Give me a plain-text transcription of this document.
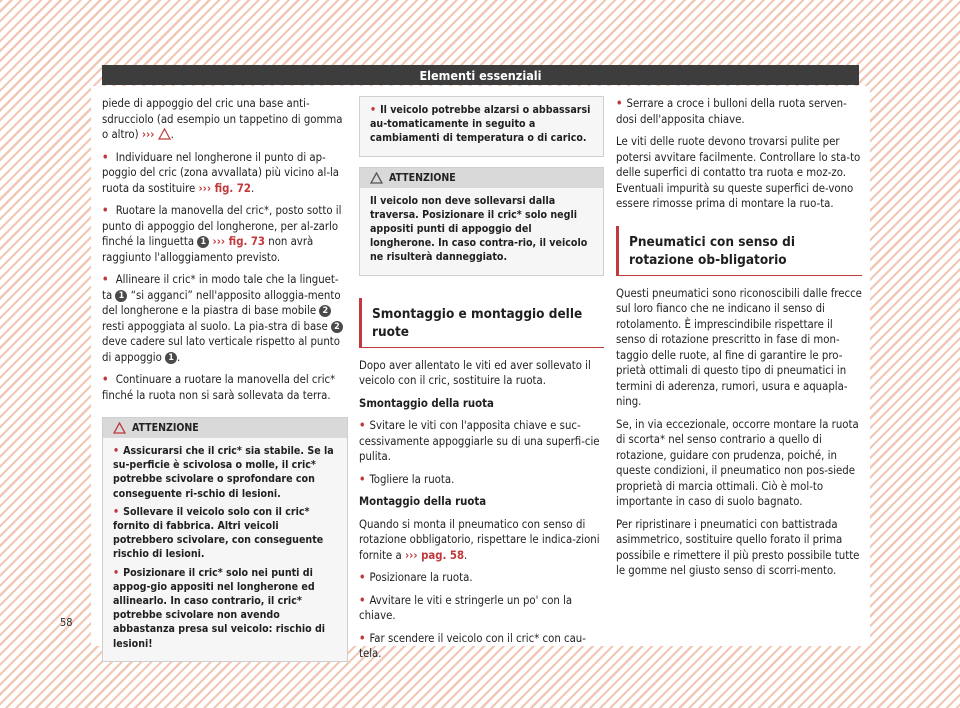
Elementi essenziali

piede di appoggio del cric una base anti-sdrucciolo (ad esempio un tappetino di gomma o altro) ››› .

• Individuare nel longherone il punto di ap-poggio del cric (zona avvallata) più vicino al-la ruota da sostituire ››› fig. 72.

• Ruotare la manovella del cric*, posto sotto il punto di appoggio del longherone, per al-zarlo finché la linguetta 1 ››› fig. 73 non avrà raggiunto l'alloggiamento previsto.

• Allineare il cric* in modo tale che la linguet-ta 1 “si agganci” nell'apposito alloggia-mento del longherone e la piastra di base mobile 2 resti appoggiata al suolo. La pia-stra di base 2 deve cadere sul lato verticale rispetto al punto di appoggio 1 .

• Continuare a ruotare la manovella del cric* finché la ruota non si sarà sollevata da terra.

ATTENZIONE

• Assicurarsi che il cric* sia stabile. Se la su-perficie è scivolosa o molle, il cric* potrebbe scivolare o sprofondare con conseguente ri-schio di lesioni.

• Sollevare il veicolo solo con il cric* fornito di fabbrica. Altri veicoli potrebbero scivolare, con conseguente rischio di lesioni.

• Posizionare il cric* solo nei punti di appog-gio appositi nel longherone ed allinearlo. In caso contrario, il cric* potrebbe scivolare non avendo abbastanza presa sul veicolo: rischio di lesioni!

• Il veicolo potrebbe alzarsi o abbassarsi au-tomaticamente in seguito a cambiamenti di temperatura o di carico.

ATTENZIONE

Il veicolo non deve sollevarsi dalla traversa. Posizionare il cric* solo negli appositi punti di appoggio del longherone. In caso contra-rio, il veicolo ne risulterà danneggiato.

Smontaggio e montaggio delle ruote

Dopo aver allentato le viti ed aver sollevato il veicolo con il cric, sostituire la ruota.

Smontaggio della ruota

• Svitare le viti con l'apposita chiave e suc-cessivamente appoggiarle su di una superfi-cie pulita.

• Togliere la ruota.

Montaggio della ruota

Quando si monta il pneumatico con senso di rotazione obbligatorio, rispettare le indica-zioni fornite a ››› pag. 58.

• Posizionare la ruota.

• Avvitare le viti e stringerle un po' con la chiave.

• Far scendere il veicolo con il cric* con cau-tela.

• Serrare a croce i bulloni della ruota serven-dosi dell'apposita chiave.

Le viti delle ruote devono trovarsi pulite per potersi avvitare facilmente. Controllare lo sta-to delle superfici di contatto tra ruota e moz-zo. Eventuali impurità su queste superfici de-vono essere rimosse prima di montare la ruo-ta.

Pneumatici con senso di rotazione ob-bligatorio

Questi pneumatici sono riconoscibili dalle frecce sul loro fianco che ne indicano il senso di rotolamento. È imprescindibile rispettare il senso di rotazione prescritto in fase di mon-taggio delle ruote, al fine di garantire le pro-prietà ottimali di questo tipo di pneumatici in termini di aderenza, rumori, usura e aquapla-ning.

Se, in via eccezionale, occorre montare la ruota di scorta* nel senso contrario a quello di rotazione, guidare con prudenza, poiché, in queste condizioni, il pneumatico non pos-siede proprietà di marcia ottimali. Ciò è mol-to importante in caso di suolo bagnato.

Per ripristinare i pneumatici con battistrada asimmetrico, sostituire quello forato il prima possibile e rimettere il più presto possibile tutte le gomme nel giusto senso di scorri-mento.

58
